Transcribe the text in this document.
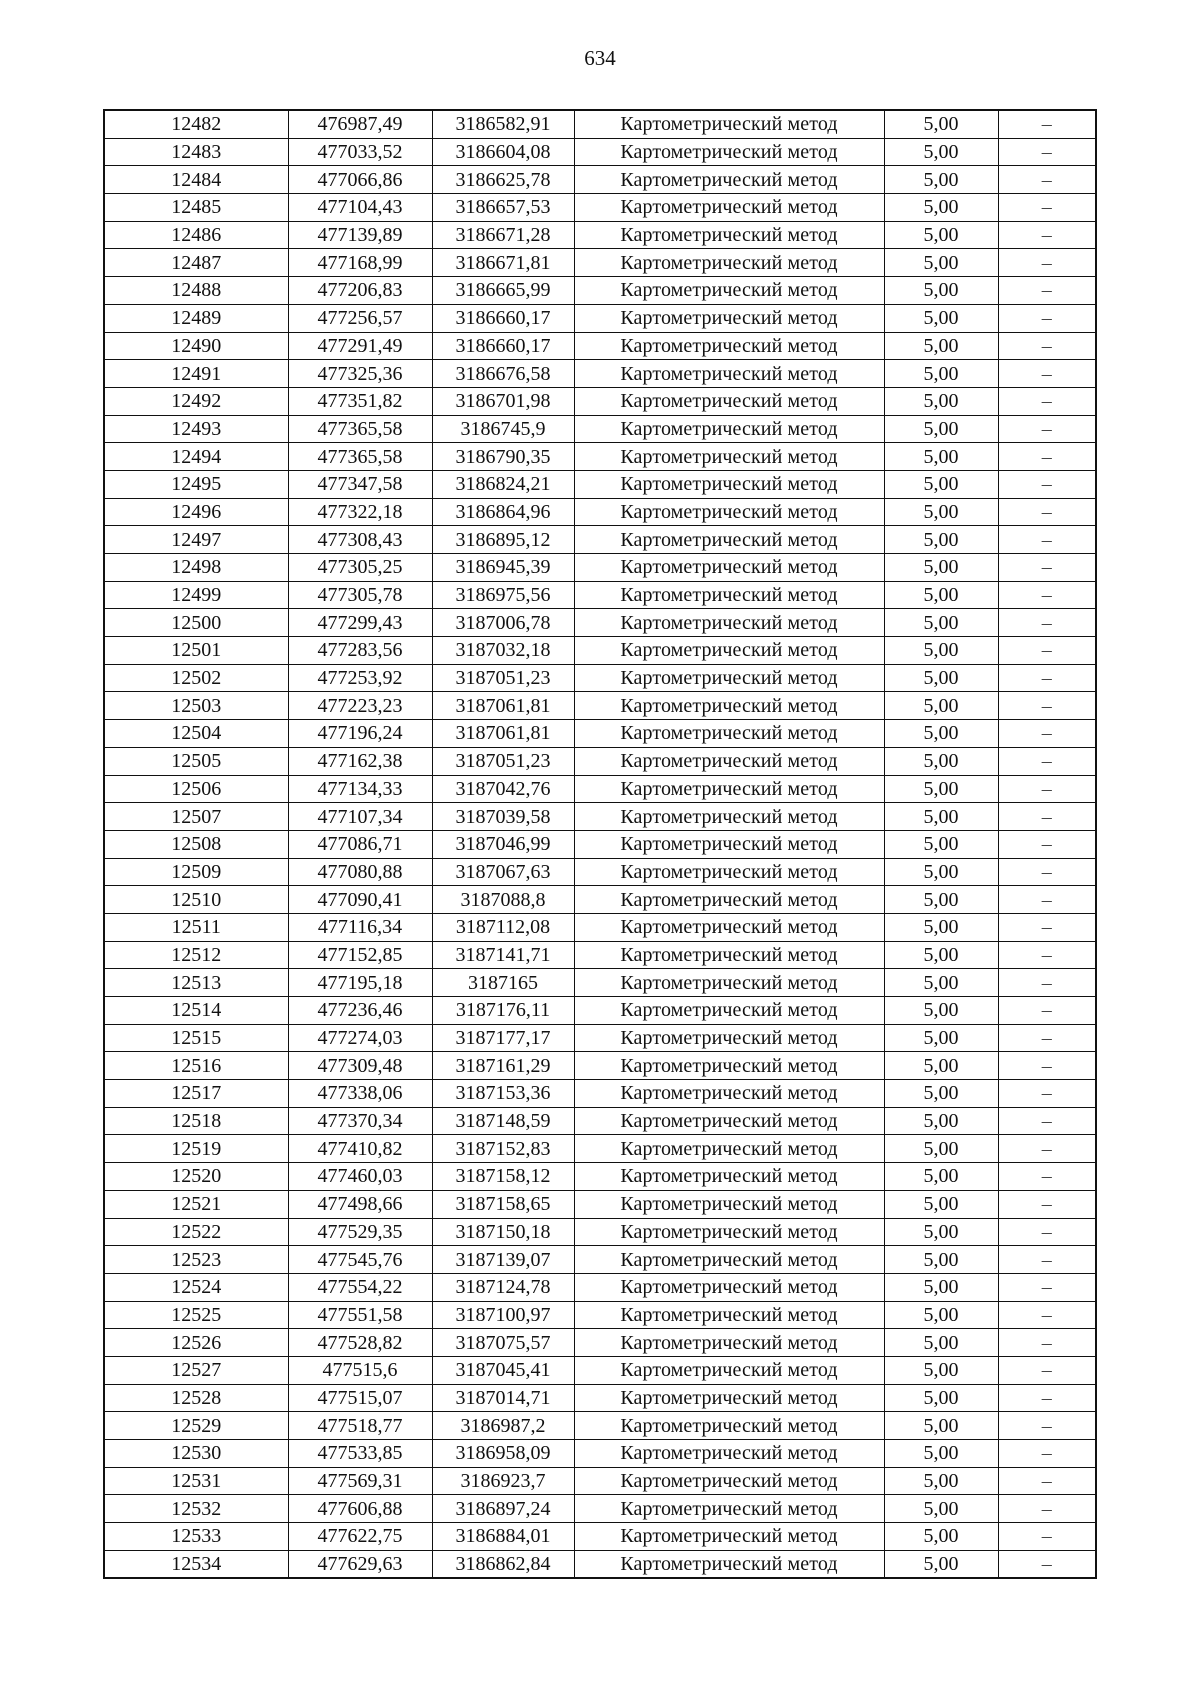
634
12482	476987,49	3186582,91	Картометрический метод	5,00	–
12483	477033,52	3186604,08	Картометрический метод	5,00	–
12484	477066,86	3186625,78	Картометрический метод	5,00	–
12485	477104,43	3186657,53	Картометрический метод	5,00	–
12486	477139,89	3186671,28	Картометрический метод	5,00	–
12487	477168,99	3186671,81	Картометрический метод	5,00	–
12488	477206,83	3186665,99	Картометрический метод	5,00	–
12489	477256,57	3186660,17	Картометрический метод	5,00	–
12490	477291,49	3186660,17	Картометрический метод	5,00	–
12491	477325,36	3186676,58	Картометрический метод	5,00	–
12492	477351,82	3186701,98	Картометрический метод	5,00	–
12493	477365,58	3186745,9	Картометрический метод	5,00	–
12494	477365,58	3186790,35	Картометрический метод	5,00	–
12495	477347,58	3186824,21	Картометрический метод	5,00	–
12496	477322,18	3186864,96	Картометрический метод	5,00	–
12497	477308,43	3186895,12	Картометрический метод	5,00	–
12498	477305,25	3186945,39	Картометрический метод	5,00	–
12499	477305,78	3186975,56	Картометрический метод	5,00	–
12500	477299,43	3187006,78	Картометрический метод	5,00	–
12501	477283,56	3187032,18	Картометрический метод	5,00	–
12502	477253,92	3187051,23	Картометрический метод	5,00	–
12503	477223,23	3187061,81	Картометрический метод	5,00	–
12504	477196,24	3187061,81	Картометрический метод	5,00	–
12505	477162,38	3187051,23	Картометрический метод	5,00	–
12506	477134,33	3187042,76	Картометрический метод	5,00	–
12507	477107,34	3187039,58	Картометрический метод	5,00	–
12508	477086,71	3187046,99	Картометрический метод	5,00	–
12509	477080,88	3187067,63	Картометрический метод	5,00	–
12510	477090,41	3187088,8	Картометрический метод	5,00	–
12511	477116,34	3187112,08	Картометрический метод	5,00	–
12512	477152,85	3187141,71	Картометрический метод	5,00	–
12513	477195,18	3187165	Картометрический метод	5,00	–
12514	477236,46	3187176,11	Картометрический метод	5,00	–
12515	477274,03	3187177,17	Картометрический метод	5,00	–
12516	477309,48	3187161,29	Картометрический метод	5,00	–
12517	477338,06	3187153,36	Картометрический метод	5,00	–
12518	477370,34	3187148,59	Картометрический метод	5,00	–
12519	477410,82	3187152,83	Картометрический метод	5,00	–
12520	477460,03	3187158,12	Картометрический метод	5,00	–
12521	477498,66	3187158,65	Картометрический метод	5,00	–
12522	477529,35	3187150,18	Картометрический метод	5,00	–
12523	477545,76	3187139,07	Картометрический метод	5,00	–
12524	477554,22	3187124,78	Картометрический метод	5,00	–
12525	477551,58	3187100,97	Картометрический метод	5,00	–
12526	477528,82	3187075,57	Картометрический метод	5,00	–
12527	477515,6	3187045,41	Картометрический метод	5,00	–
12528	477515,07	3187014,71	Картометрический метод	5,00	–
12529	477518,77	3186987,2	Картометрический метод	5,00	–
12530	477533,85	3186958,09	Картометрический метод	5,00	–
12531	477569,31	3186923,7	Картометрический метод	5,00	–
12532	477606,88	3186897,24	Картометрический метод	5,00	–
12533	477622,75	3186884,01	Картометрический метод	5,00	–
12534	477629,63	3186862,84	Картометрический метод	5,00	–
